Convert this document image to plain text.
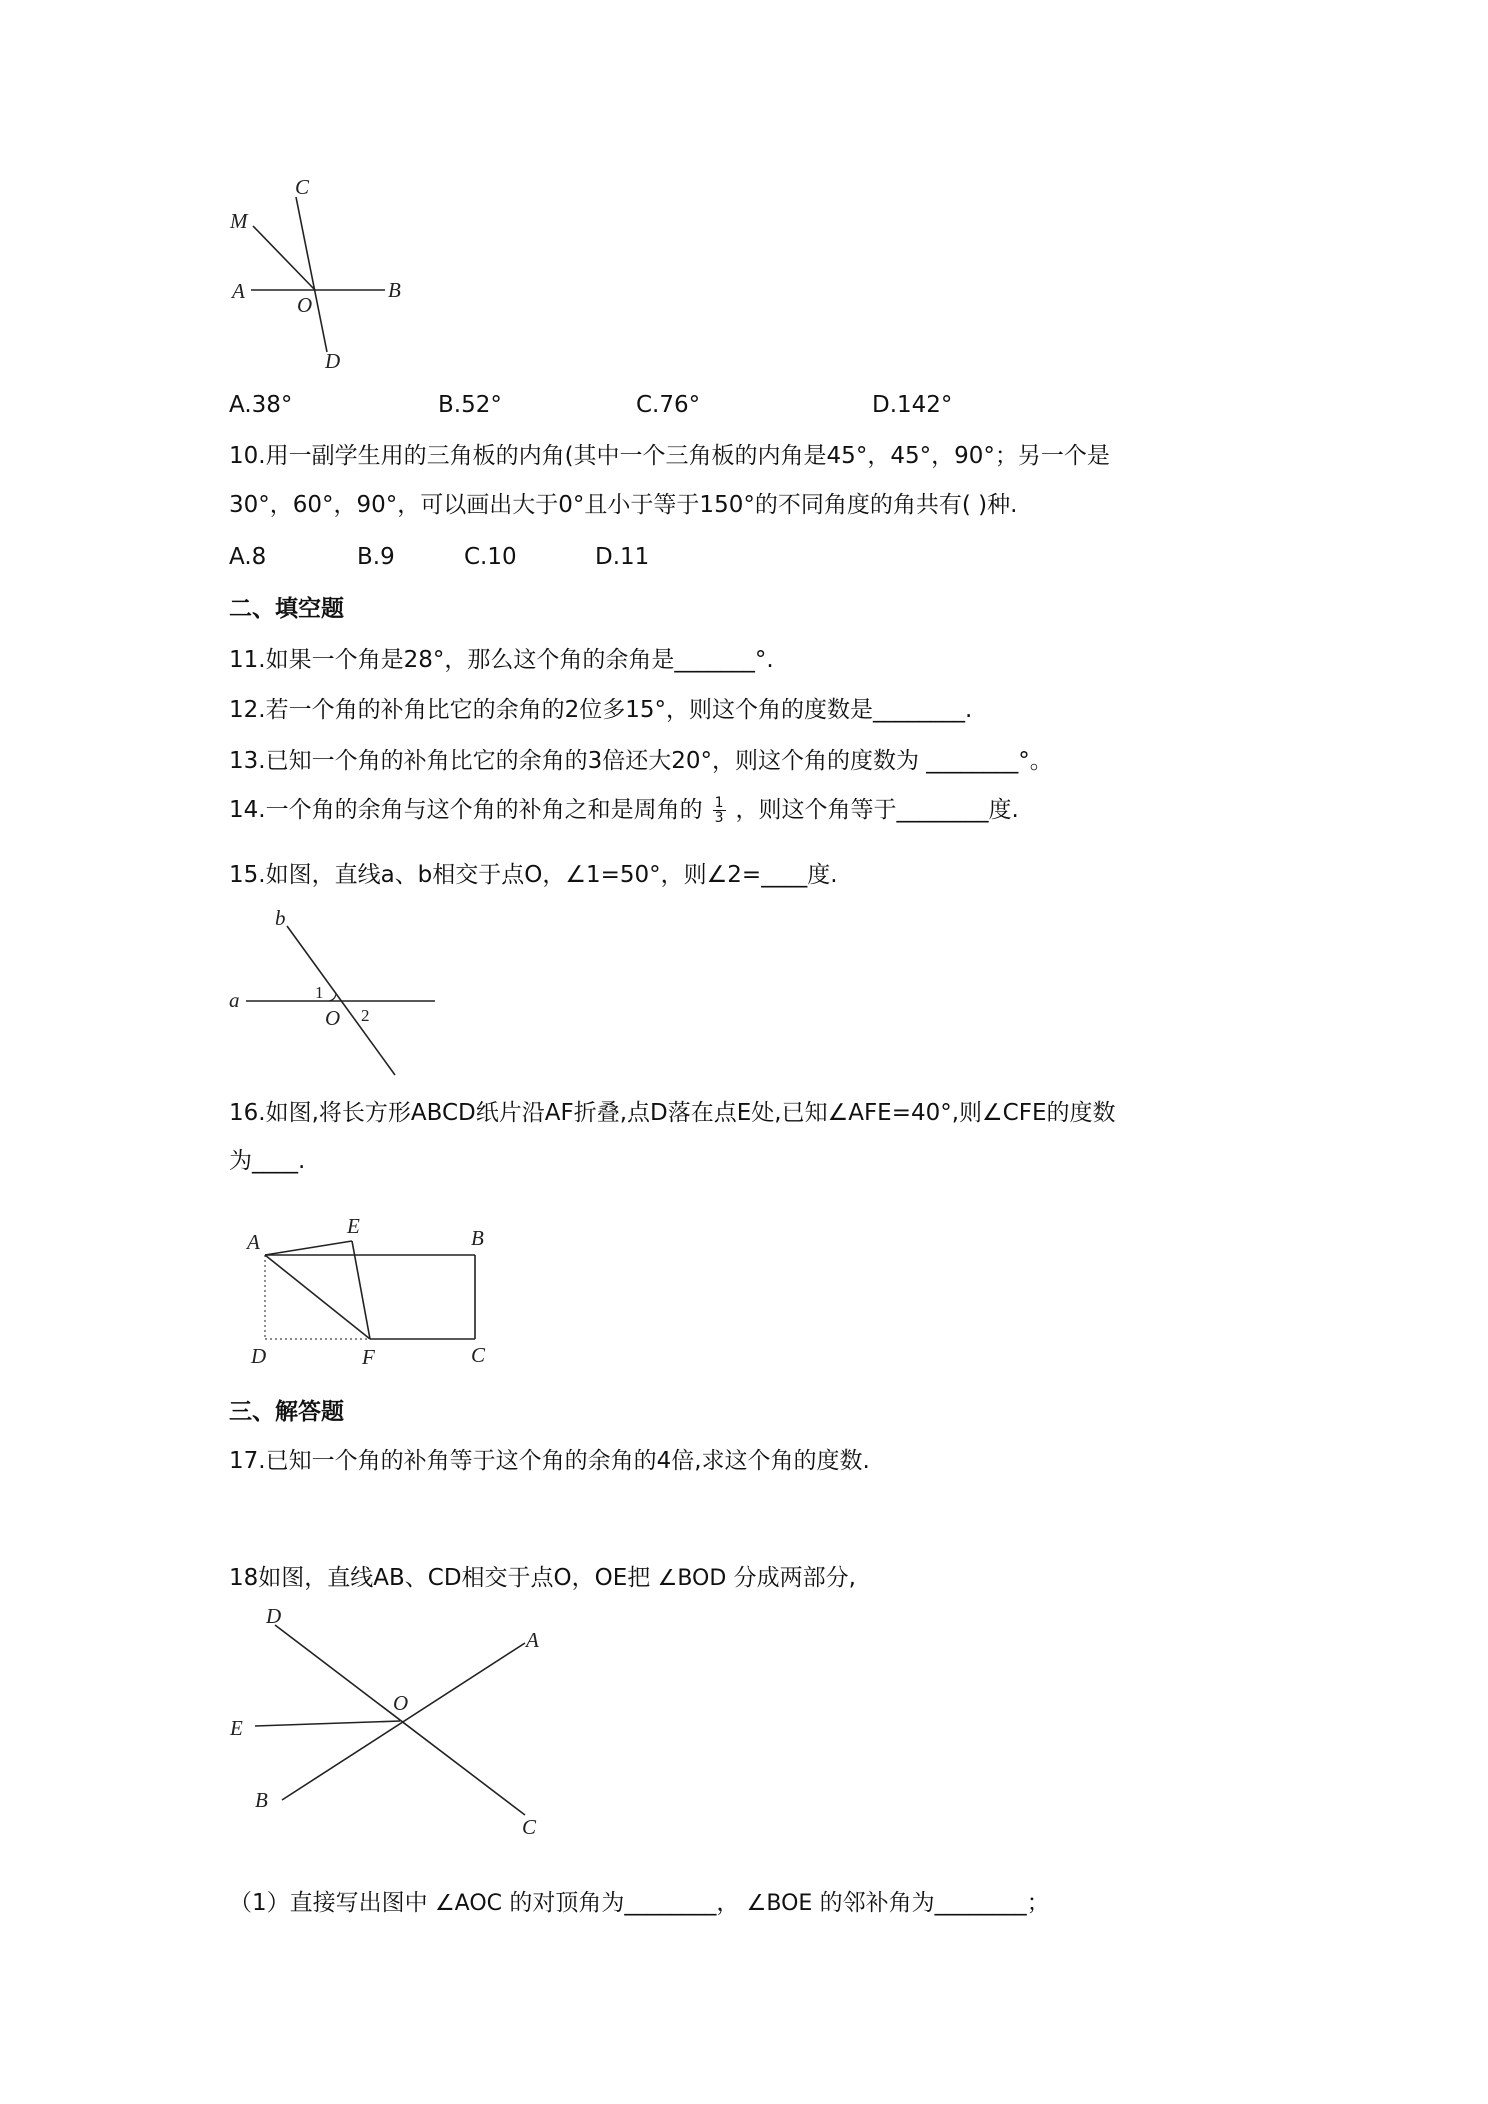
C
M
A
O
B
D
A.38°	B.52°	C.76°	D.142°
10.用一副学生用的三角板的内角(其中一个三角板的内角是45°，45°，90°；另一个是
30°，60°，90°，可以画出大于0°且小于等于150°的不同角度的角共有( )种.
A.8	B.9	C.10	D.11
二、填空题
11.如果一个角是28°，那么这个角的余角是_______°.
12.若一个角的补角比它的余角的2位多15°，则这个角的度数是________.
13.已知一个角的补角比它的余角的3倍还大20°，则这个角的度数为 ________°。
14.一个角的余角与这个角的补角之和是周角的 $\frac{1}{3}$ ，则这个角等于________度.
15.如图，直线a、b相交于点O，∠1=50°，则∠2=____度.
b
a	1
O 2
16.如图,将长方形ABCD纸片沿AF折叠,点D落在点E处,已知∠AFE=40°,则∠CFE的度数
为____.
A
E	B
D	F	C
三、解答题
17.已知一个角的补角等于这个角的余角的4倍,求这个角的度数.
18如图，直线AB、CD相交于点O，OE把 ∠BOD 分成两部分,
D
A
O
E
B
C
（1）直接写出图中 ∠AOC 的对顶角为________， ∠BOE 的邻补角为________；
